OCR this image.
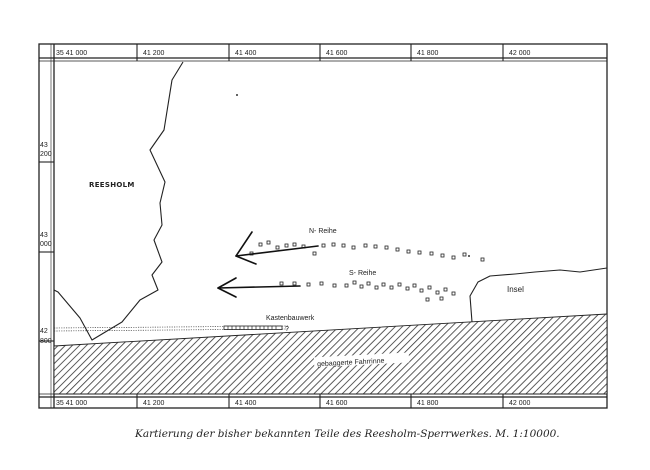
35 41 000	41 200	41 400	41 600	41 800	42 000
35 41 000	41 200	41 400	41 600	41 800	42 000
43
200
43
000
42
800
?
REESHOLM
N- Reihe
S- Reihe
Insel
Kastenbauwerk
gebaggerte Fahrrinne
Kartierung der bisher bekannten Teile des Reesholm-Sperrwerkes. M. 1:10000.
